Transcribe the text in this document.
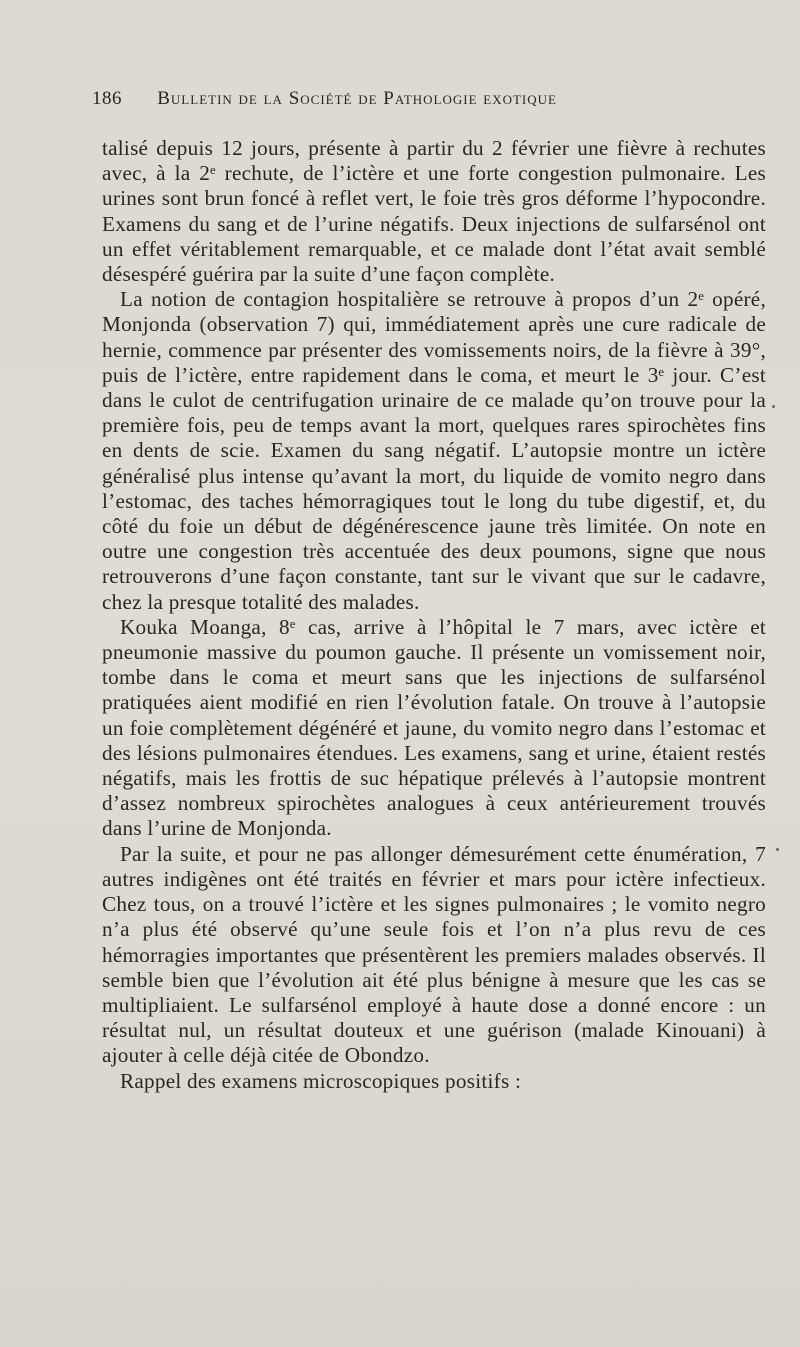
186 Bulletin de la Société de Pathologie exotique

talisé depuis 12 jours, présente à partir du 2 février une fièvre à rechutes avec, à la 2ᵉ rechute, de l’ictère et une forte congestion pulmonaire. Les urines sont brun foncé à reflet vert, le foie très gros déforme l’hypocondre. Examens du sang et de l’urine négatifs. Deux injections de sulfarsénol ont un effet véritablement remarquable, et ce malade dont l’état avait semblé désespéré guérira par la suite d’une façon complète.

La notion de contagion hospitalière se retrouve à propos d’un 2ᵉ opéré, Monjonda (observation 7) qui, immédiatement après une cure radicale de hernie, commence par présenter des vomissements noirs, de la fièvre à 39°, puis de l’ictère, entre rapidement dans le coma, et meurt le 3ᵉ jour. C’est dans le culot de centrifugation urinaire de ce malade qu’on trouve pour la première fois, peu de temps avant la mort, quelques rares spirochètes fins en dents de scie. Examen du sang négatif. L’autopsie montre un ictère généralisé plus intense qu’avant la mort, du liquide de vomito negro dans l’estomac, des taches hémorragiques tout le long du tube digestif, et, du côté du foie un début de dégénérescence jaune très limitée. On note en outre une congestion très accentuée des deux poumons, signe que nous retrouverons d’une façon constante, tant sur le vivant que sur le cadavre, chez la presque totalité des malades.

Kouka Moanga, 8ᵉ cas, arrive à l’hôpital le 7 mars, avec ictère et pneumonie massive du poumon gauche. Il présente un vomissement noir, tombe dans le coma et meurt sans que les injections de sulfarsénol pratiquées aient modifié en rien l’évolution fatale. On trouve à l’autopsie un foie complètement dégénéré et jaune, du vomito negro dans l’estomac et des lésions pulmonaires étendues. Les examens, sang et urine, étaient restés négatifs, mais les frottis de suc hépatique prélevés à l’autopsie montrent d’assez nombreux spirochètes analogues à ceux antérieurement trouvés dans l’urine de Monjonda.

Par la suite, et pour ne pas allonger démesurément cette énumération, 7 autres indigènes ont été traités en février et mars pour ictère infectieux. Chez tous, on a trouvé l’ictère et les signes pulmonaires ; le vomito negro n’a plus été observé qu’une seule fois et l’on n’a plus revu de ces hémorragies importantes que présentèrent les premiers malades observés. Il semble bien que l’évolution ait été plus bénigne à mesure que les cas se multipliaient. Le sulfarsénol employé à haute dose a donné encore : un résultat nul, un résultat douteux et une guérison (malade Kinouani) à ajouter à celle déjà citée de Obondzo.

Rappel des examens microscopiques positifs :
